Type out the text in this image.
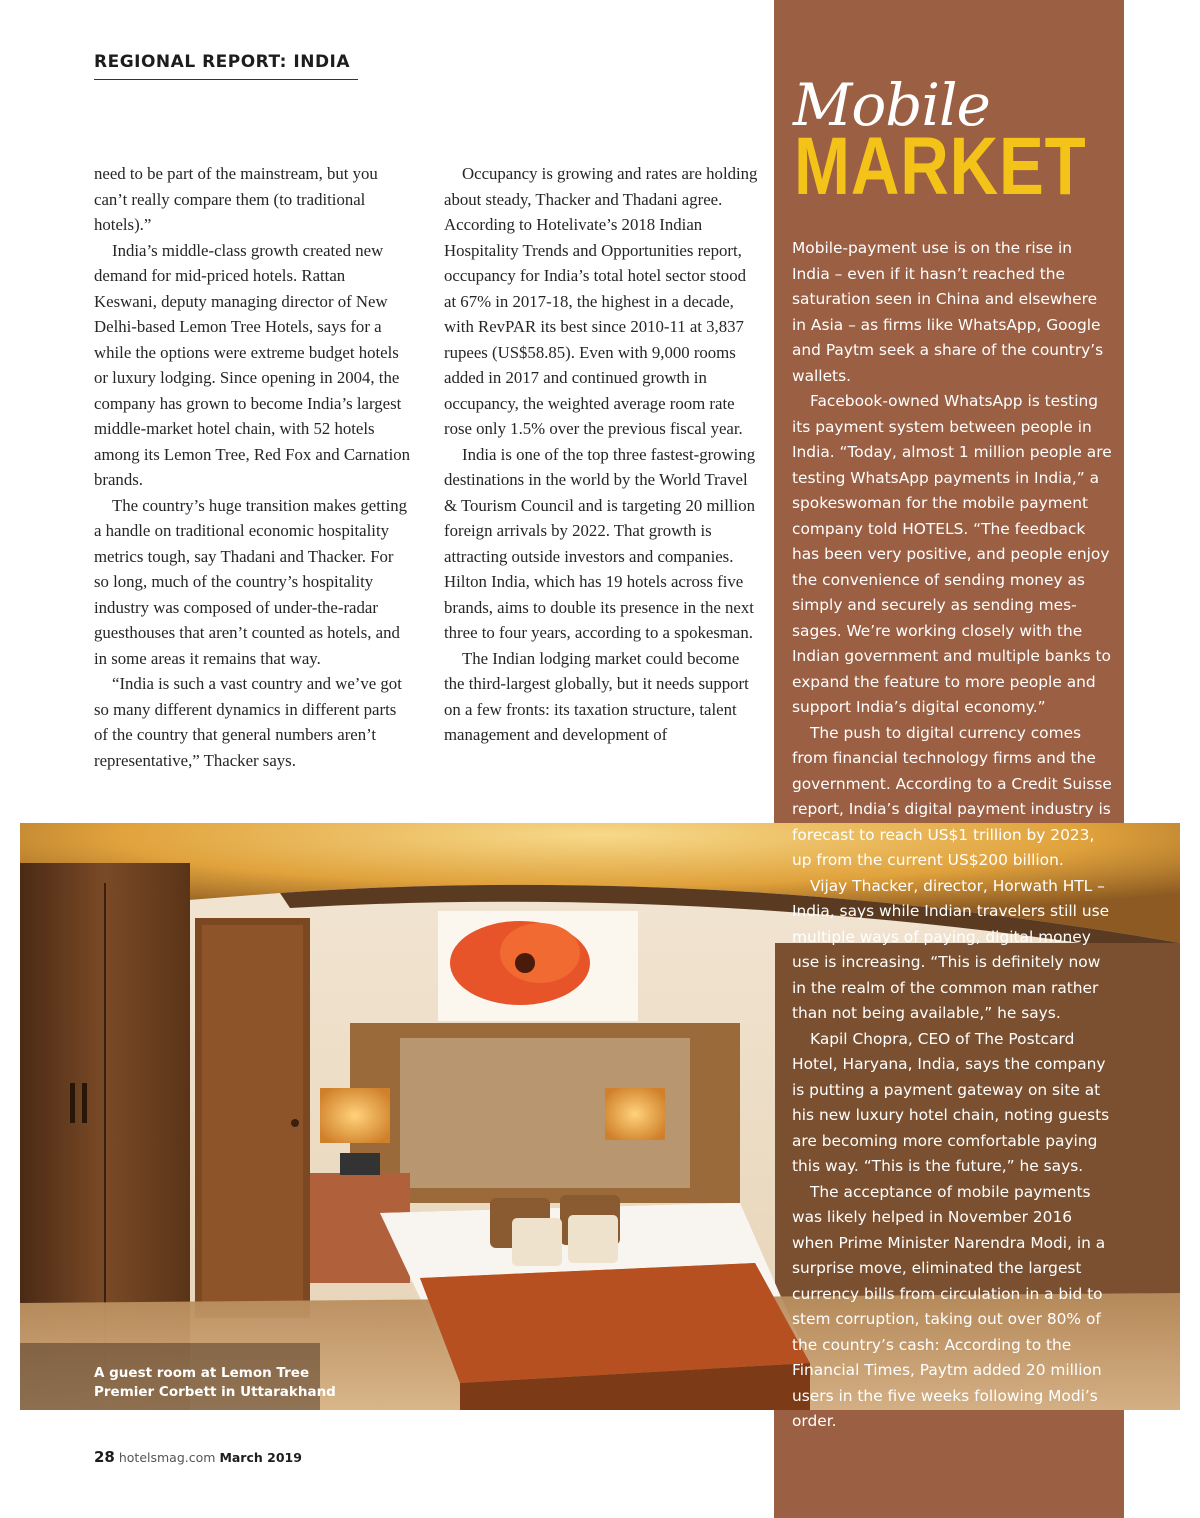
REGIONAL REPORT: INDIA

need to be part of the mainstream, but you can’t really compare them (to traditional hotels).”

India’s middle-class growth created new demand for mid-priced hotels. Rattan Keswani, deputy managing director of New Delhi-based Lemon Tree Hotels, says for a while the options were extreme budget hotels or luxury lodging. Since opening in 2004, the company has grown to become India’s largest middle-market hotel chain, with 52 hotels among its Lemon Tree, Red Fox and Carnation brands.

The country’s huge transition makes getting a handle on traditional economic hospitality metrics tough, say Thadani and Thacker. For so long, much of the country’s hospitality industry was composed of under-the-radar guesthouses that aren’t counted as hotels, and in some areas it remains that way.

“India is such a vast country and we’ve got so many different dynamics in different parts of the country that general numbers aren’t representative,” Thacker says.

Occupancy is growing and rates are holding about steady, Thacker and Thadani agree. According to Hotelivate’s 2018 Indian Hospitality Trends and Opportunities report, occupancy for India’s total hotel sector stood at 67% in 2017-18, the highest in a decade, with RevPAR its best since 2010-11 at 3,837 rupees (US$58.85). Even with 9,000 rooms added in 2017 and continued growth in occupancy, the weighted average room rate rose only 1.5% over the previous fiscal year.

India is one of the top three fastest-growing destinations in the world by the World Travel & Tourism Council and is targeting 20 million foreign arrivals by 2022. That growth is attracting outside investors and companies. Hilton India, which has 19 hotels across five brands, aims to double its presence in the next three to four years, according to a spokesman.

The Indian lodging market could become the third-largest globally, but it needs support on a few fronts: its taxation structure, talent management and development of

Mobile
MARKET

Mobile-payment use is on the rise in India – even if it hasn’t reached the saturation seen in China and elsewhere in Asia – as firms like WhatsApp, Google and Paytm seek a share of the country’s wallets.

Facebook-owned WhatsApp is testing its payment system between people in India. “Today, almost 1 million people are testing WhatsApp payments in India,” a spokeswoman for the mobile payment company told HOTELS. “The feedback has been very positive, and people enjoy the convenience of sending money as simply and securely as sending messages. We’re working closely with the Indian government and multiple banks to expand the feature to more people and support India’s digital economy.”

The push to digital currency comes from financial technology firms and the government. According to a Credit Suisse report, India’s digital payment industry is forecast to reach US$1 trillion by 2023, up from the current US$200 billion.

Vijay Thacker, director, Horwath HTL – India, says while Indian travelers still use multiple ways of paying, digital money use is increasing. “This is definitely now in the realm of the common man rather than not being available,” he says.

Kapil Chopra, CEO of The Postcard Hotel, Haryana, India, says the company is putting a payment gateway on site at his new luxury hotel chain, noting guests are becoming more comfortable paying this way. “This is the future,” he says.

The acceptance of mobile payments was likely helped in November 2016 when Prime Minister Narendra Modi, in a surprise move, eliminated the largest currency bills from circulation in a bid to stem corruption, taking out over 80% of the country’s cash: According to the Financial Times, Paytm added 20 million users in the five weeks following Modi’s order.

A guest room at Lemon Tree Premier Corbett in Uttarakhand
28 hotelsmag.com March 2019
